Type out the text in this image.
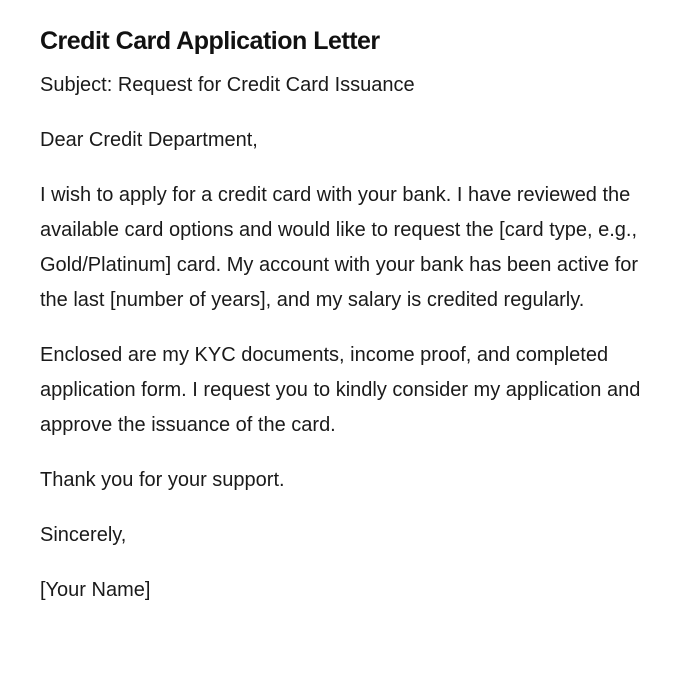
Credit Card Application Letter

Subject: Request for Credit Card Issuance

Dear Credit Department,

I wish to apply for a credit card with your bank. I have reviewed the available card options and would like to request the [card type, e.g., Gold/Platinum] card. My account with your bank has been active for the last [number of years], and my salary is credited regularly.

Enclosed are my KYC documents, income proof, and completed application form. I request you to kindly consider my application and approve the issuance of the card.

Thank you for your support.

Sincerely,

[Your Name]
